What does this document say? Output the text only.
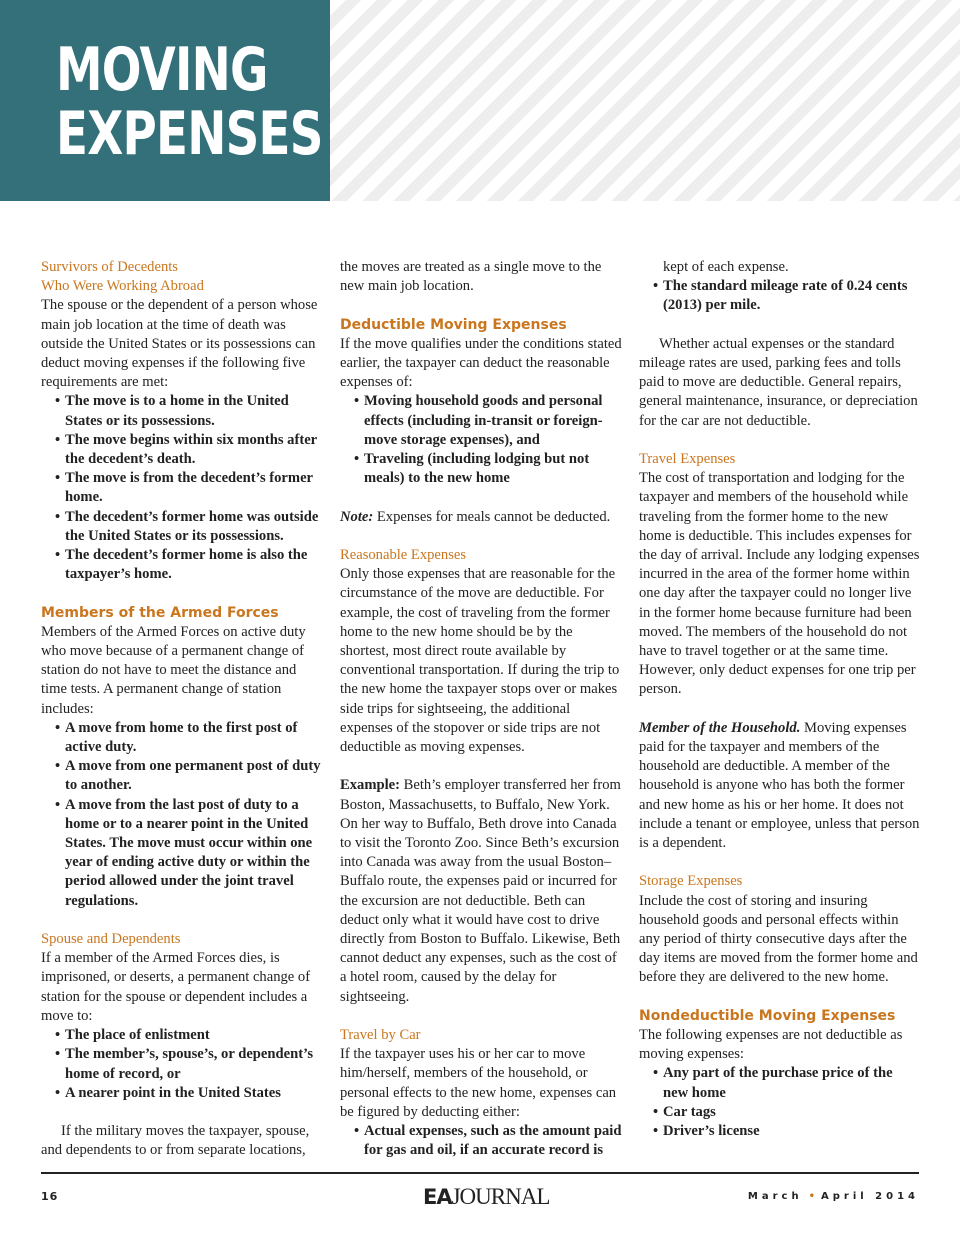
MOVING
EXPENSES
Survivors of Decedents
Who Were Working Abroad

The spouse or the dependent of a person whose main job location at the time of death was outside the United States or its possessions can deduct moving expenses if the following five requirements are met:

• The move is to a home in the United States or its possessions.
• The move begins within six months after the decedent’s death.
• The move is from the decedent’s former home.
• The decedent’s former home was outside the United States or its possessions.
• The decedent’s former home is also the taxpayer’s home.
Members of the Armed Forces

Members of the Armed Forces on active duty who move because of a permanent change of station do not have to meet the distance and time tests. A permanent change of station includes:

• A move from home to the first post of active duty.
• A move from one permanent post of duty to another.
• A move from the last post of duty to a home or to a nearer point in the United States. The move must occur within one year of ending active duty or within the period allowed under the joint travel regulations.
Spouse and Dependents

If a member of the Armed Forces dies, is imprisoned, or deserts, a permanent change of station for the spouse or dependent includes a move to:

• The place of enlistment
• The member’s, spouse’s, or dependent’s home of record, or
• A nearer point in the United States

If the military moves the taxpayer, spouse, and dependents to or from separate locations,

the moves are treated as a single move to the new main job location.

Deductible Moving Expenses

If the move qualifies under the conditions stated earlier, the taxpayer can deduct the reasonable expenses of:

• Moving household goods and personal effects (including in-transit or foreign-move storage expenses), and
• Traveling (including lodging but not meals) to the new home

Note: Expenses for meals cannot be deducted.

Reasonable Expenses

Only those expenses that are reasonable for the circumstance of the move are deductible. For example, the cost of traveling from the former home to the new home should be by the shortest, most direct route available by conventional transportation. If during the trip to the new home the taxpayer stops over or makes side trips for sightseeing, the additional expenses of the stopover or side trips are not deductible as moving expenses.

Example: Beth’s employer transferred her from Boston, Massachusetts, to Buffalo, New York. On her way to Buffalo, Beth drove into Canada to visit the Toronto Zoo. Since Beth’s excursion into Canada was away from the usual Boston–Buffalo route, the expenses paid or incurred for the excursion are not deductible. Beth can deduct only what it would have cost to drive directly from Boston to Buffalo. Likewise, Beth cannot deduct any expenses, such as the cost of a hotel room, caused by the delay for sightseeing.

Travel by Car

If the taxpayer uses his or her car to move him/herself, members of the household, or personal effects to the new home, expenses can be figured by deducting either:

• Actual expenses, such as the amount paid for gas and oil, if an accurate record is

kept of each expense.

• The standard mileage rate of 0.24 cents (2013) per mile.

Whether actual expenses or the standard mileage rates are used, parking fees and tolls paid to move are deductible. General repairs, general maintenance, insurance, or depreciation for the car are not deductible.

Travel Expenses

The cost of transportation and lodging for the taxpayer and members of the household while traveling from the former home to the new home is deductible. This includes expenses for the day of arrival. Include any lodging expenses incurred in the area of the former home within one day after the taxpayer could no longer live in the former home because furniture had been moved. The members of the household do not have to travel together or at the same time. However, only deduct expenses for one trip per person.

Member of the Household. Moving expenses paid for the taxpayer and members of the household are deductible. A member of the household is anyone who has both the former and new home as his or her home. It does not include a tenant or employee, unless that person is a dependent.

Storage Expenses

Include the cost of storing and insuring household goods and personal effects within any period of thirty consecutive days after the day items are moved from the former home and before they are delivered to the new home.

Nondeductible Moving Expenses

The following expenses are not deductible as moving expenses:

• Any part of the purchase price of the new home
• Car tags
• Driver’s license
16	EAJOURNAL	March • April 2014
